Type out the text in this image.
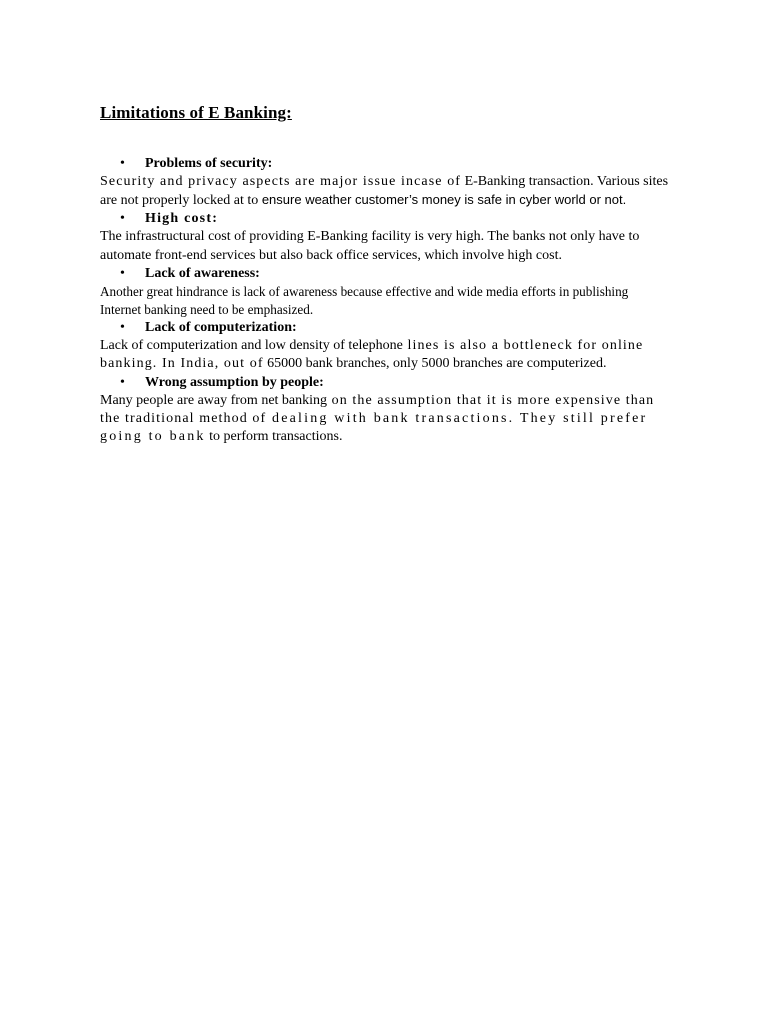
Limitations of E Banking:
• Problems of security:

Security and privacy aspects are major issue incase of E-Banking transaction. Various sites are not properly locked at to ensure weather customer’s money is safe in cyber world or not.

• High cost:

The infrastructural cost of providing E-Banking facility is very high. The banks not only have to automate front-end services but also back office services, which involve high cost.

• Lack of awareness:

Another great hindrance is lack of awareness because effective and wide media efforts in publishing Internet banking need to be emphasized.

• Lack of computerization:

Lack of computerization and low density of telephone lines is also a bottleneck for online banking. In India, out of 65000 bank branches, only 5000 branches are computerized.

• Wrong assumption by people:

Many people are away from net banking on the assumption that it is more expensive than the traditional method of dealing with bank transactions. They still prefer going to bank to perform transactions.
